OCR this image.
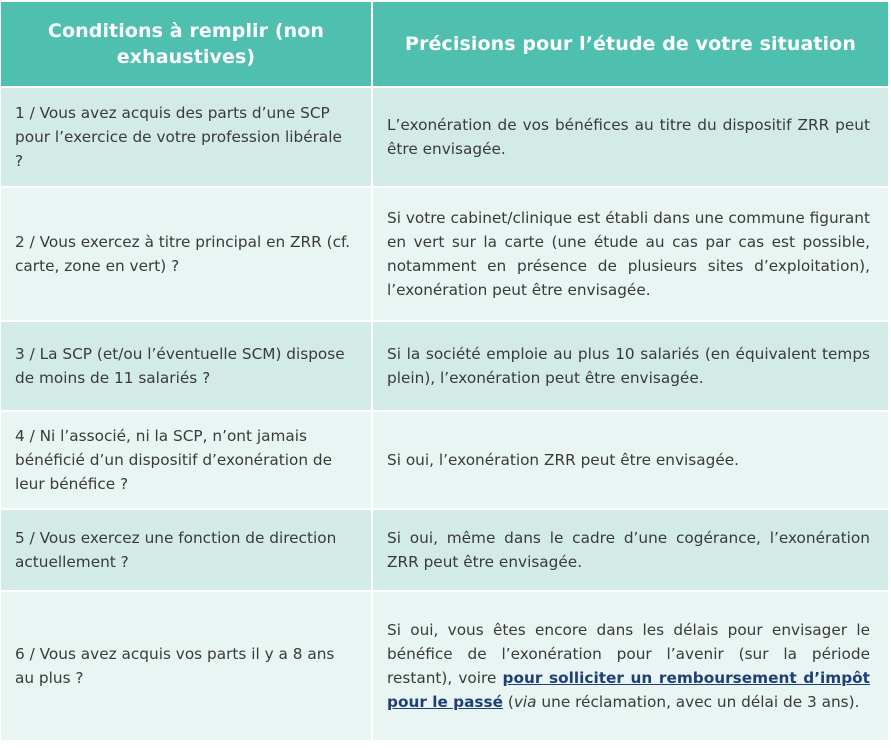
Conditions à remplir (non exhaustives)	Précisions pour l’étude de votre situation
1 / Vous avez acquis des parts d’une SCP pour l’exercice de votre profession libérale ?	L’exonération de vos bénéfices au titre du dispositif ZRR peut être envisagée.
2 / Vous exercez à titre principal en ZRR (cf. carte, zone en vert) ?	Si votre cabinet/clinique est établi dans une commune figurant en vert sur la carte (une étude au cas par cas est possible, notamment en présence de plusieurs sites d’exploitation), l’exonération peut être envisagée.
3 / La SCP (et/ou l’éventuelle SCM) dispose de moins de 11 salariés ?	Si la société emploie au plus 10 salariés (en équivalent temps plein), l’exonération peut être envisagée.
4 / Ni l’associé, ni la SCP, n’ont jamais bénéficié d’un dispositif d’exonération de leur bénéfice ?	Si oui, l’exonération ZRR peut être envisagée.
5 / Vous exercez une fonction de direction actuellement ?	Si oui, même dans le cadre d’une cogérance, l’exonération ZRR peut être envisagée.
6 / Vous avez acquis vos parts il y a 8 ans au plus ?	Si oui, vous êtes encore dans les délais pour envisager le bénéfice de l’exonération pour l’avenir (sur la période restant), voire pour solliciter un remboursement d’impôt pour le passé (via une réclamation, avec un délai de 3 ans).
